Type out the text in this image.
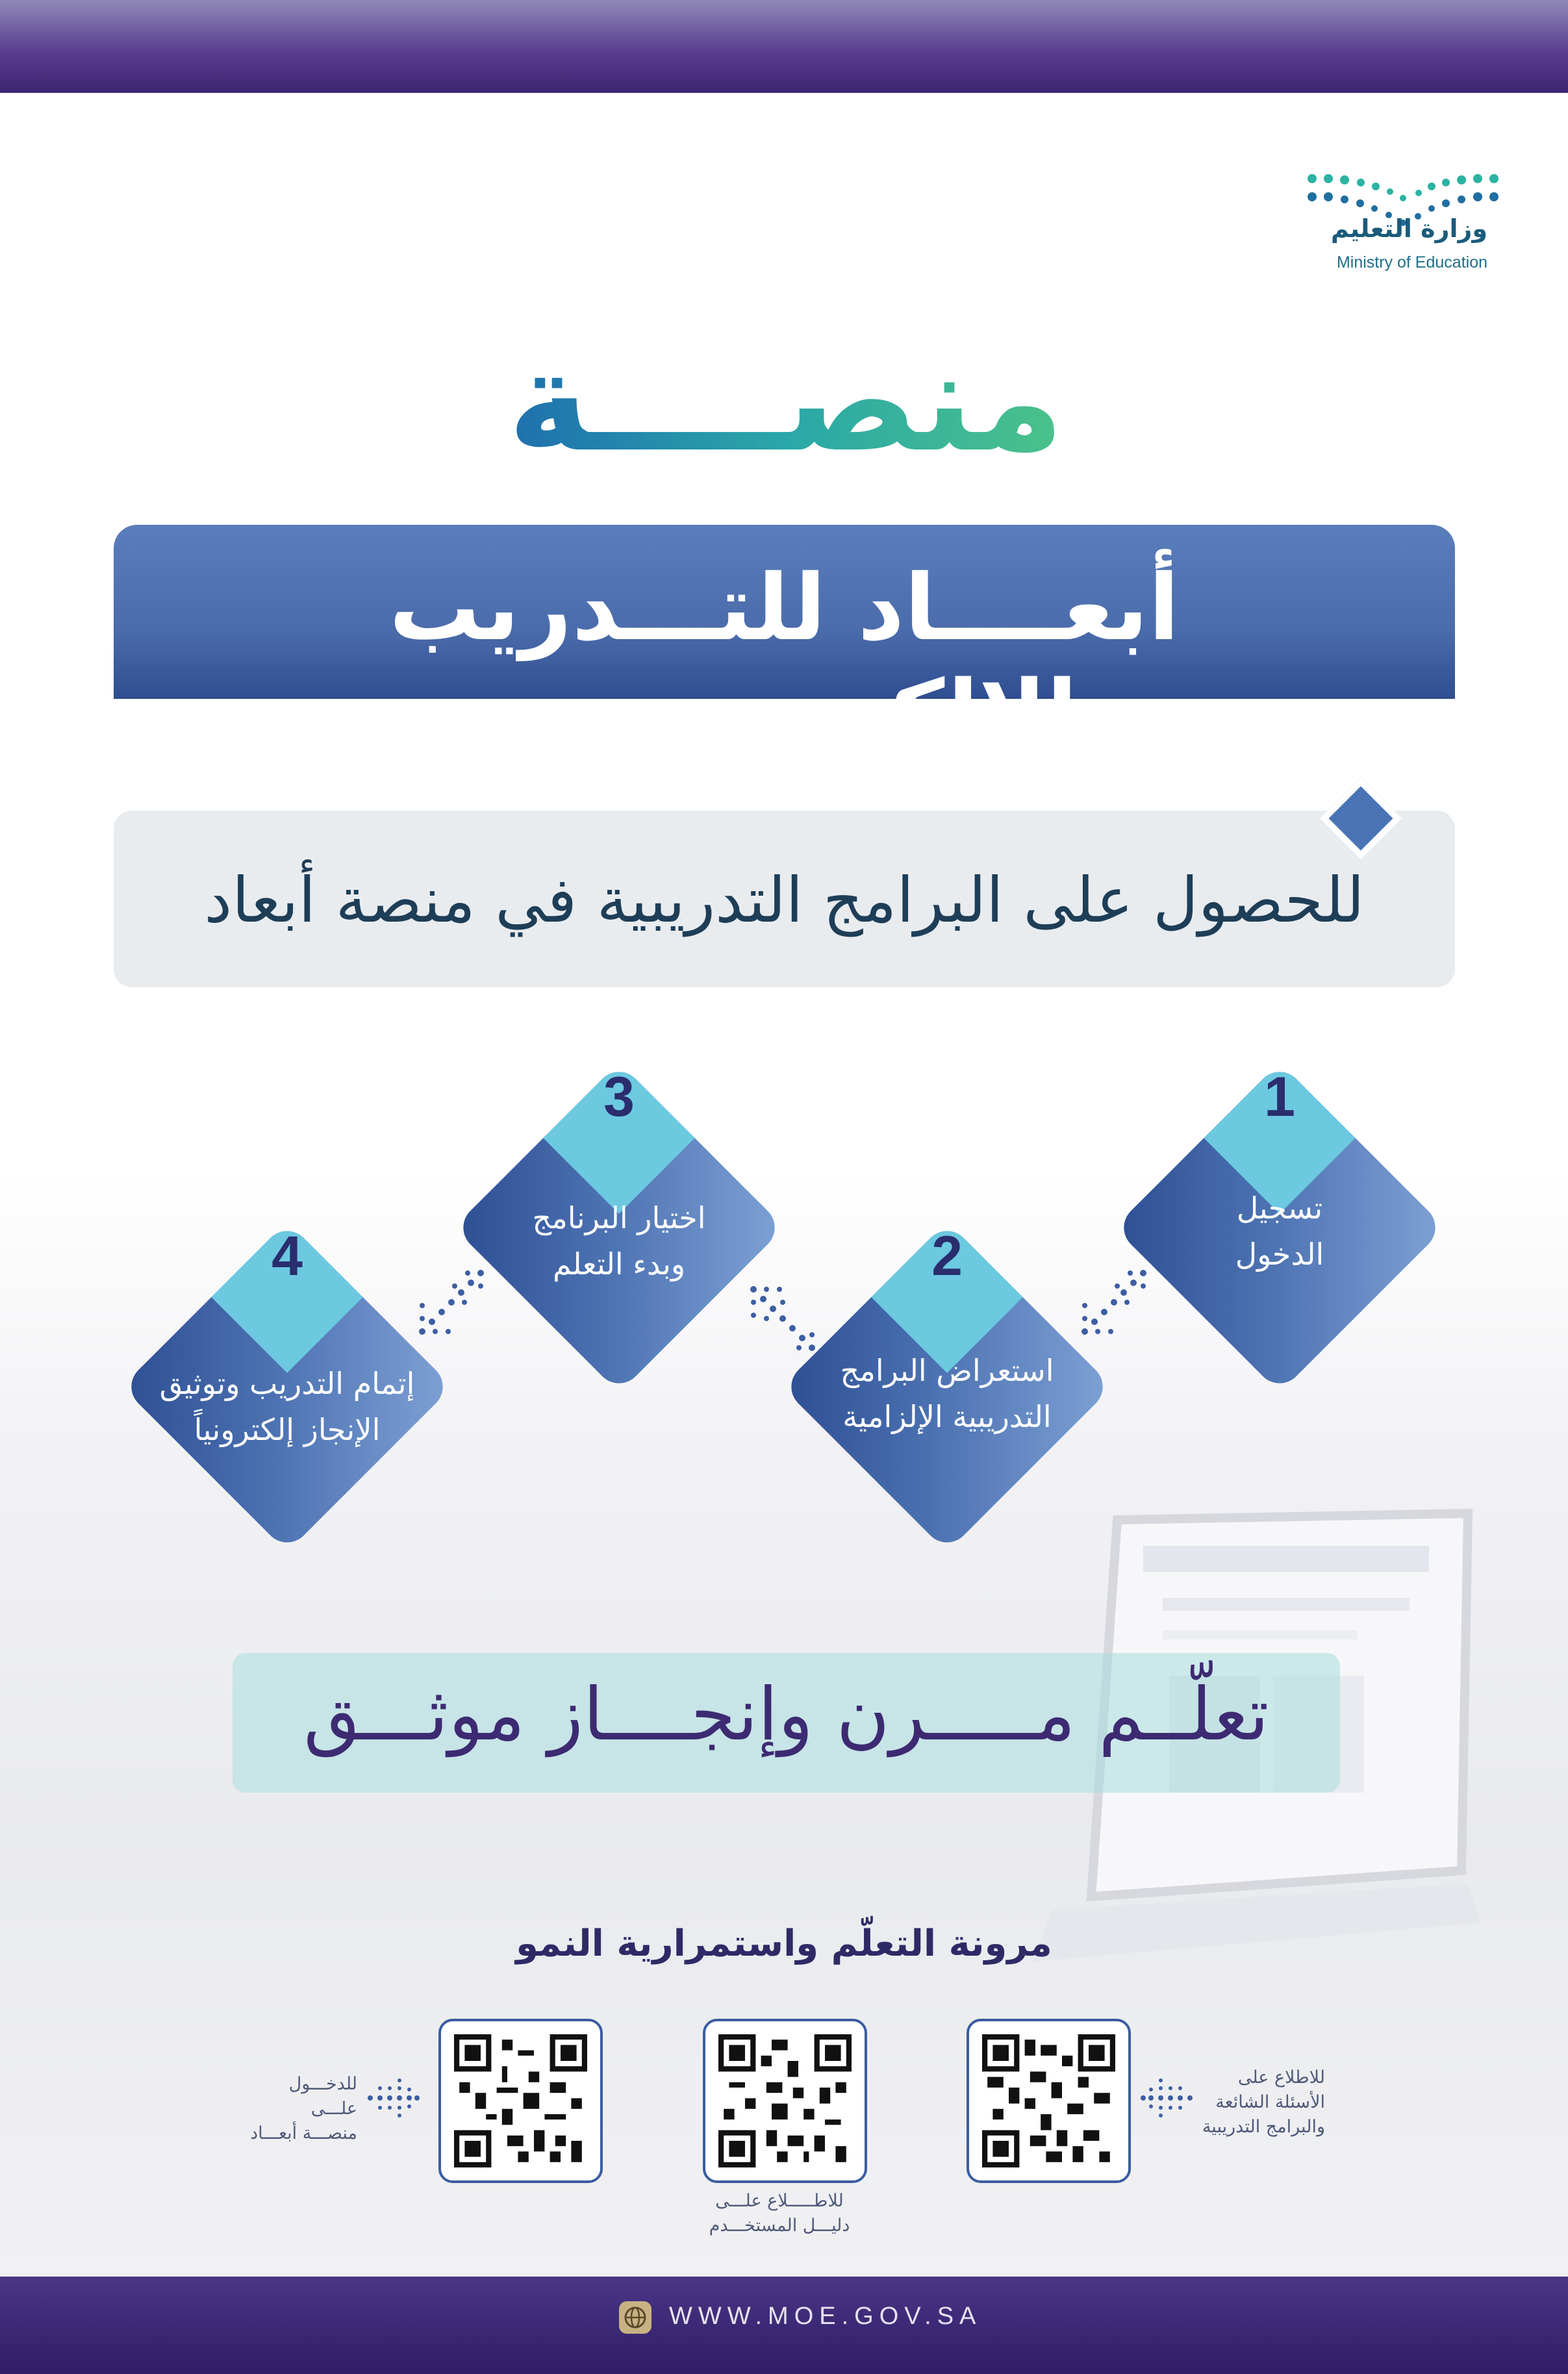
وزارة التعليم
Ministry of Education
منصــــة
أبعــــاد للتـــدريب الإلكتــــروني
للحصول على البرامج التدريبية في منصة أبعاد
1
تسجيل
الدخول
2
استعراض البرامج
التدريبية الإلزامية
3
اختيار البرنامج
وبدء التعلم
4
إتمام التدريب وتوثيق
الإنجاز إلكترونياً
تعلّــم مـــــرن وإنجــــاز موثـــق
مرونة التعلّم واستمرارية النمو
للدخـــول علـــى
منصـــة أبعـــاد
للاطـــــلاع علـــى
دليـــل المستخـــدم
للاطلاع على
الأسئلة الشائعة
والبرامج التدريبية
WWW.MOE.GOV.SA
